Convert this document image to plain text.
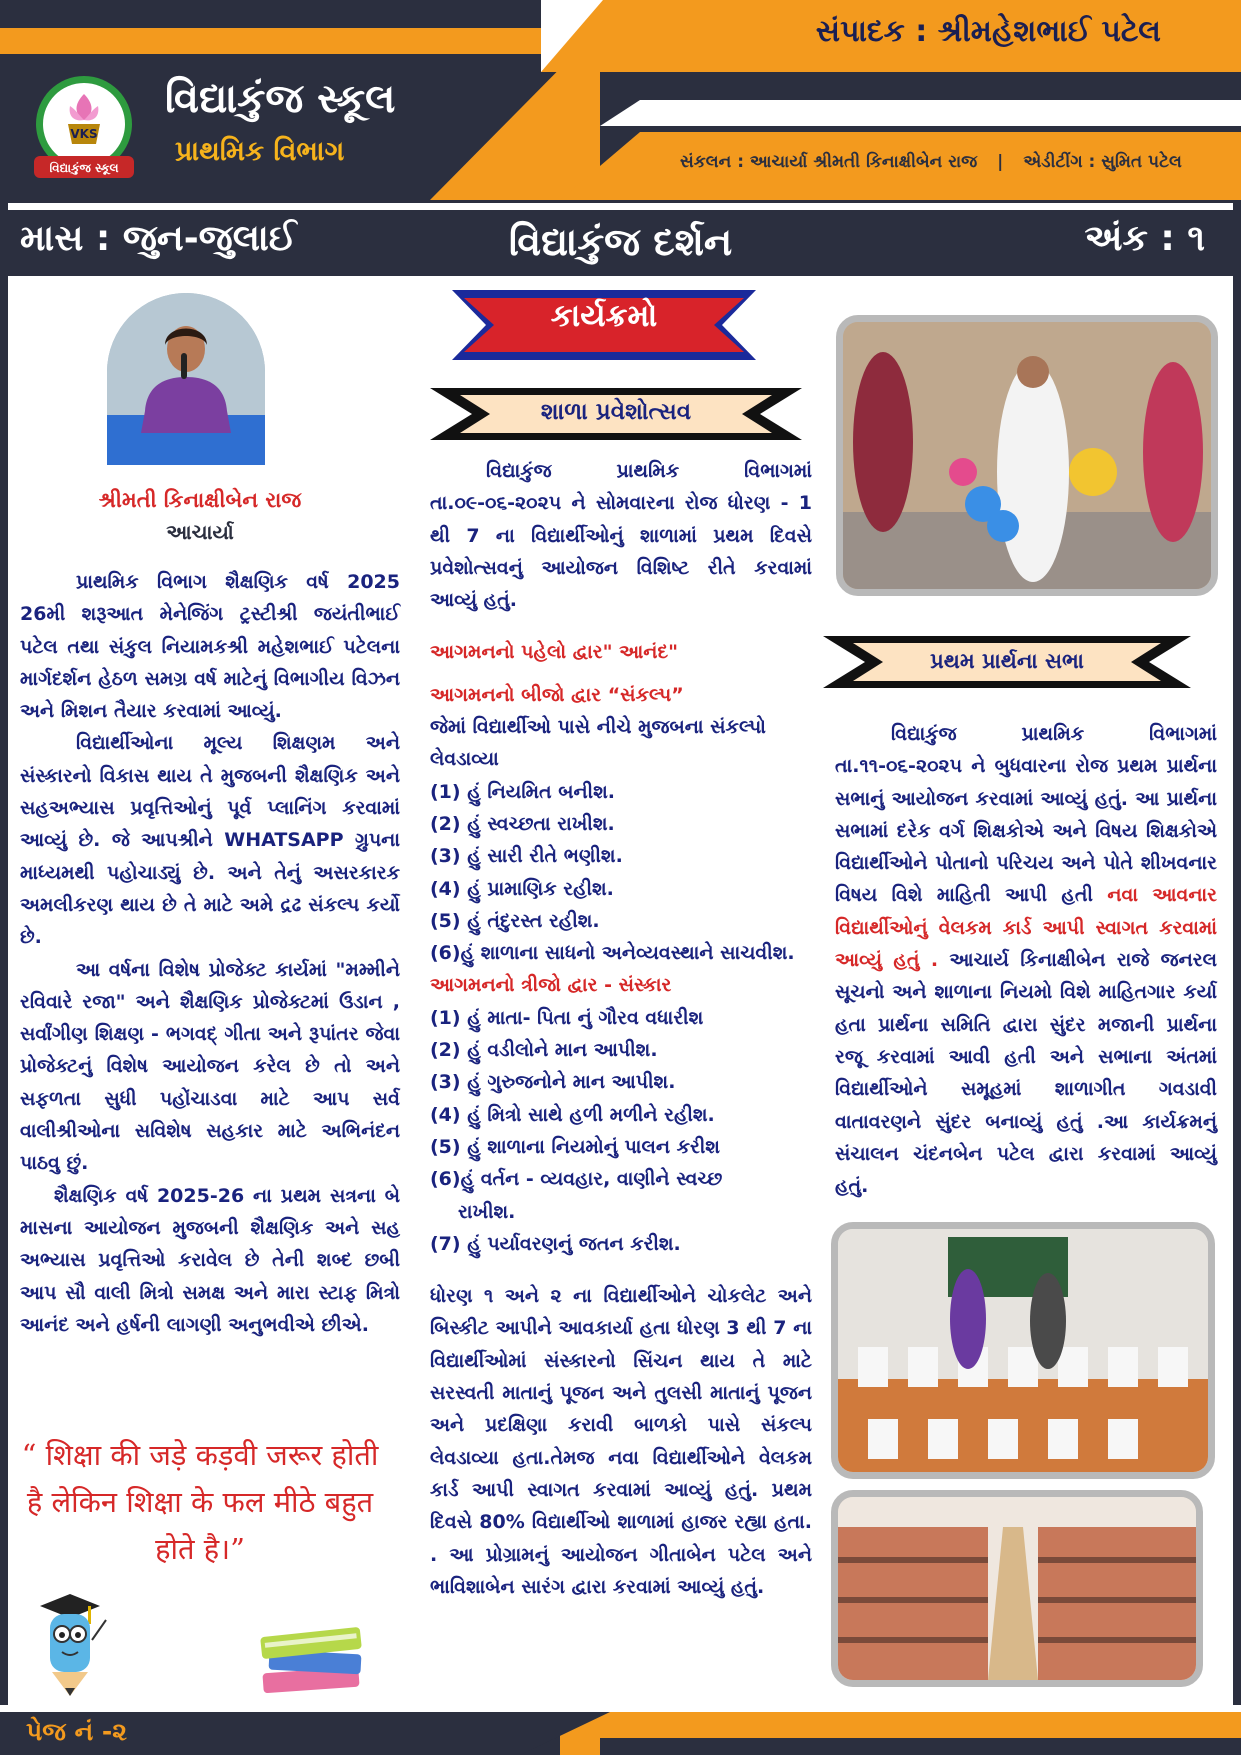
સંપાદક : શ્રીમહેશભાઈ પટેલ
સંકલન : આચાર્યા શ્રીમતી કિનાક્ષીબેન રાજ | એડીટીંગ : સુમિત પટેલ
VKS
વિદ્યાકુંજ સ્કૂલ
વિદ્યાકુંજ સ્કૂલ
પ્રાથમિક વિભાગ
માસ : જુન-જુલાઈ	વિદ્યાકુંજ દર્શન	અંક : ૧
શ્રીમતી કિનાક્ષીબેન રાજ
આચાર્યા

પ્રાથમિક વિભાગ શૈક્ષણિક વર્ષ 2025 26મી શરૂઆત મેનેજિંગ ટ્રસ્ટીશ્રી જયંતીભાઈ પટેલ તથા સંકુલ નિયામકશ્રી મહેશભાઈ પટેલના માર્ગદર્શન હેઠળ સમગ્ર વર્ષ માટેનું વિભાગીય વિઝન અને મિશન તૈયાર કરવામાં આવ્યું.

વિદ્યાર્થીઓના મૂલ્ય શિક્ષણમ અને સંસ્કારનો વિકાસ થાય તે મુજબની શૈક્ષણિક અને સહઅભ્યાસ પ્રવૃત્તિઓનું પૂર્વ પ્લાનિંગ કરવામાં આવ્યું છે. જે આપશ્રીને WHATSAPP ગ્રુપના માધ્યમથી પહોચાડ્યું છે. અને તેનું અસરકારક અમલીકરણ થાય છે તે માટે અમે દ્રઢ સંકલ્પ કર્યો છે.

આ વર્ષના વિશેષ પ્રોજેક્ટ કાર્યમાં "મમ્મીને રવિવારે રજા" અને શૈક્ષણિક પ્રોજેક્ટમાં ઉડાન , સર્વાંગીણ શિક્ષણ - ભગવદ્ ગીતા અને રૂપાંતર જેવા પ્રોજેક્ટનું વિશેષ આયોજન કરેલ છે તો અને સફળતા સુધી પહોંચાડવા માટે આપ સર્વ વાલીશ્રીઓના સવિશેષ સહકાર માટે અભિનંદન પાઠવુ છું.

શૈક્ષણિક વર્ષ 2025-26 ના પ્રથમ સત્રના બે માસના આયોજન મુજબની શૈક્ષણિક અને સહ અભ્યાસ પ્રવૃત્તિઓ કરાવેલ છે તેની શબ્દ છબી આપ સૌ વાલી મિત્રો સમક્ષ અને મારા સ્ટાફ મિત્રો આનંદ અને હર્ષની લાગણી અનુભવીએ છીએ.

“ शिक्षा की जड़े कड़वी जरूर होती है लेकिन शिक्षा के फल मीठे बहुत होते है।”
કાર્યક્રમો
શાળા પ્રવેશોત્સવ

વિદ્યાકુંજ પ્રાથમિક વિભાગમાં તા.૦૯-૦૬-૨૦૨૫ ને સોમવારના રોજ ધોરણ - 1 થી 7 ના વિદ્યાર્થીઓનું શાળામાં પ્રથમ દિવસે પ્રવેશોત્સવનું આયોજન વિશિષ્ટ રીતે કરવામાં આવ્યું હતું.

આગમનનો પહેલો દ્વાર" આનંદ"

આગમનનો બીજો દ્વાર “સંકલ્પ”

જેમાં વિદ્યાર્થીઓ પાસે નીચે મુજબના સંકલ્પો લેવડાવ્યા

(1) હું નિયમિત બનીશ.

(2) હું સ્વચ્છતા રાખીશ.

(3) હું સારી રીતે ભણીશ.

(4) હું પ્રામાણિક રહીશ.

(5) હું તંદુરસ્ત રહીશ.

(6)હું શાળાના સાધનો અનેવ્યવસ્થાને સાચવીશ.

આગમનનો ત્રીજો દ્વાર - સંસ્કાર

(1) હું માતા- પિતા નું ગૌરવ વધારીશ

(2) હું વડીલોને માન આપીશ.

(3) હું ગુરુજનોને માન આપીશ.

(4) હું મિત્રો સાથે હળી મળીને રહીશ.

(5) હું શાળાના નિયમોનું પાલન કરીશ

(6)હું વર્તન - વ્યવહાર, વાણીને સ્વચ્છ રાખીશ.

(7) હું પર્યાવરણનું જતન કરીશ.

ધોરણ ૧ અને ૨ ના વિદ્યાર્થીઓને ચોકલેટ અને બિસ્કીટ આપીને આવકાર્યા હતા ધોરણ 3 થી 7 ના વિદ્યાર્થીઓમાં સંસ્કારનો સિંચન થાય તે માટે સરસ્વતી માતાનું પૂજન અને તુલસી માતાનું પૂજન અને પ્રદક્ષિણા કરાવી બાળકો પાસે સંકલ્પ લેવડાવ્યા હતા.તેમજ નવા વિદ્યાર્થીઓને વેલકમ કાર્ડ આપી સ્વાગત કરવામાં આવ્યું હતું. પ્રથમ દિવસે 80% વિદ્યાર્થીઓ શાળામાં હાજર રહ્યા હતા. . આ પ્રોગ્રામનું આયોજન ગીતાબેન પટેલ અને ભાવિશાબેન સારંગ દ્વારા કરવામાં આવ્યું હતું.

પ્રથમ પ્રાર્થના સભા

વિદ્યાકુંજ પ્રાથમિક વિભાગમાં તા.૧૧-૦૬-૨૦૨૫ ને બુધવારના રોજ પ્રથમ પ્રાર્થના સભાનું આયોજન કરવામાં આવ્યું હતું. આ પ્રાર્થના સભામાં દરેક વર્ગ શિક્ષકોએ અને વિષય શિક્ષકોએ વિદ્યાર્થીઓને પોતાનો પરિચય અને પોતે શીખવનાર વિષય વિશે માહિતી આપી હતી નવા આવનાર વિદ્યાર્થીઓનું વેલકમ કાર્ડ આપી સ્વાગત કરવામાં આવ્યું હતું . આચાર્ય કિનાક્ષીબેન રાજે જનરલ સૂચનો અને શાળાના નિયમો વિશે માહિતગાર કર્યા હતા પ્રાર્થના સમિતિ દ્વારા સુંદર મજાની પ્રાર્થના રજૂ કરવામાં આવી હતી અને સભાના અંતમાં વિદ્યાર્થીઓને સમૂહમાં શાળાગીત ગવડાવી વાતાવરણને સુંદર બનાવ્યું હતું .આ કાર્યક્રમનું સંચાલન ચંદનબેન પટેલ દ્વારા કરવામાં આવ્યું હતું.

પેજ નં -૨
